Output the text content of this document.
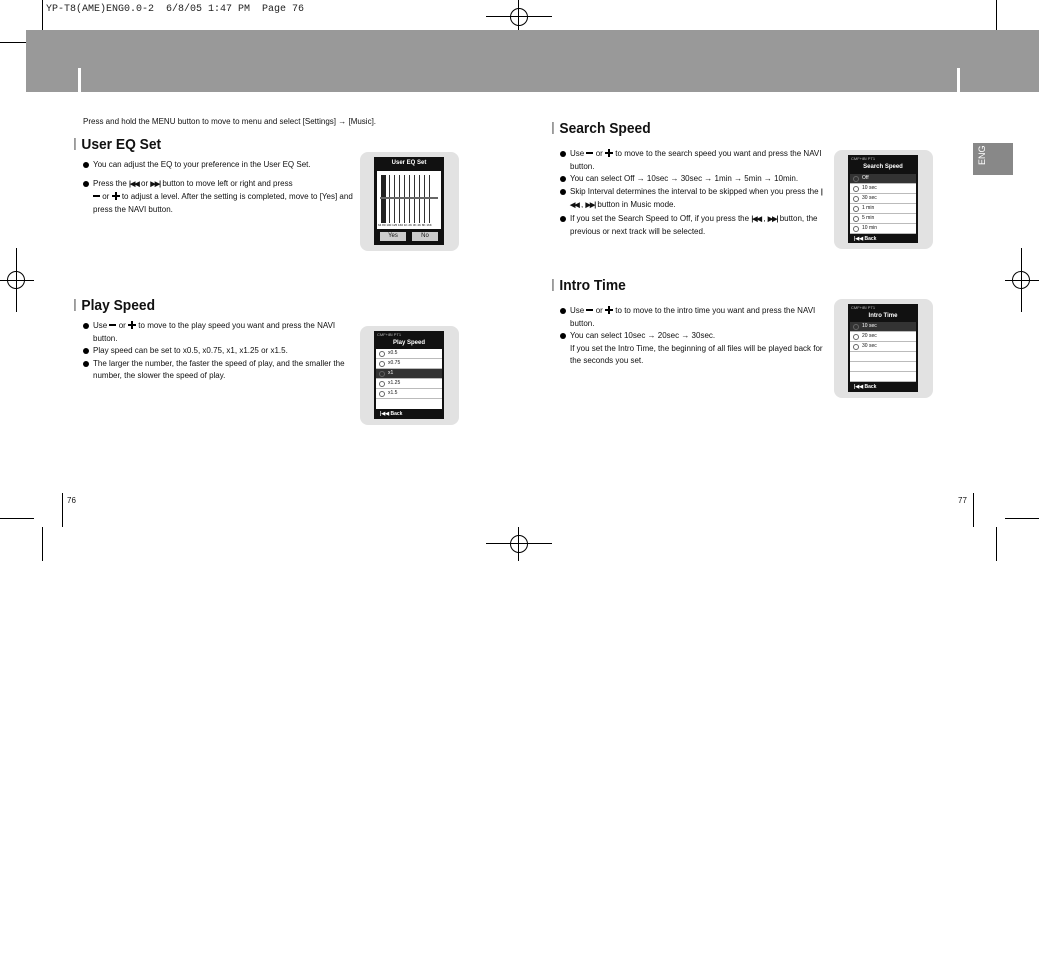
YP-T8(AME)ENG0.0-2  6/8/05 1:47 PM  Page 76
Press and hold the MENU button to move to menu and select [Settings] → [Music].
User EQ Set
You can adjust the EQ to your preference in the User EQ Set.
Press the |◀◀ or ▶▶| button to move left or right and press
or to adjust a level. After the setting is completed, move to [Yes] and press the NAVI button.
User EQ Set
64 80 100 125 160 1K 2K 3K 4K 8K 16K
Yes	No
Play Speed
Use or to move to the play speed you want and press the NAVI button.
Play speed can be set to x0.5, x0.75, x1, x1.25 or x1.5.
The larger the number, the faster the speed of play, and the smaller the number, the slower the speed of play.
CMF+iBI PT1
Play Speed
x0.5
x0.75
x1
x1.25
x1.5
|◀◀ Back
Search Speed
Use or to move to the search speed you want and press the NAVI button.
You can select Off → 10sec → 30sec → 1min → 5min → 10min.
Skip Interval determines the interval to be skipped when you press the |◀◀ , ▶▶| button in Music mode.
If you set the Search Speed to Off, if you press the |◀◀ , ▶▶| button, the previous or next track will be selected.
CMF+iBI PT1
Search Speed
Off
10 sec
30 sec
1 min
5 min
10 min
|◀◀ Back
Intro Time
Use or to to move to the intro time you want and press the NAVI button.
You can select 10sec → 20sec → 30sec.
If you set the Intro Time, the beginning of all files will be played back for the seconds you set.
CMF+iBI PT1
Intro Time
10 sec
20 sec
30 sec
|◀◀ Back
ENG
76	77
